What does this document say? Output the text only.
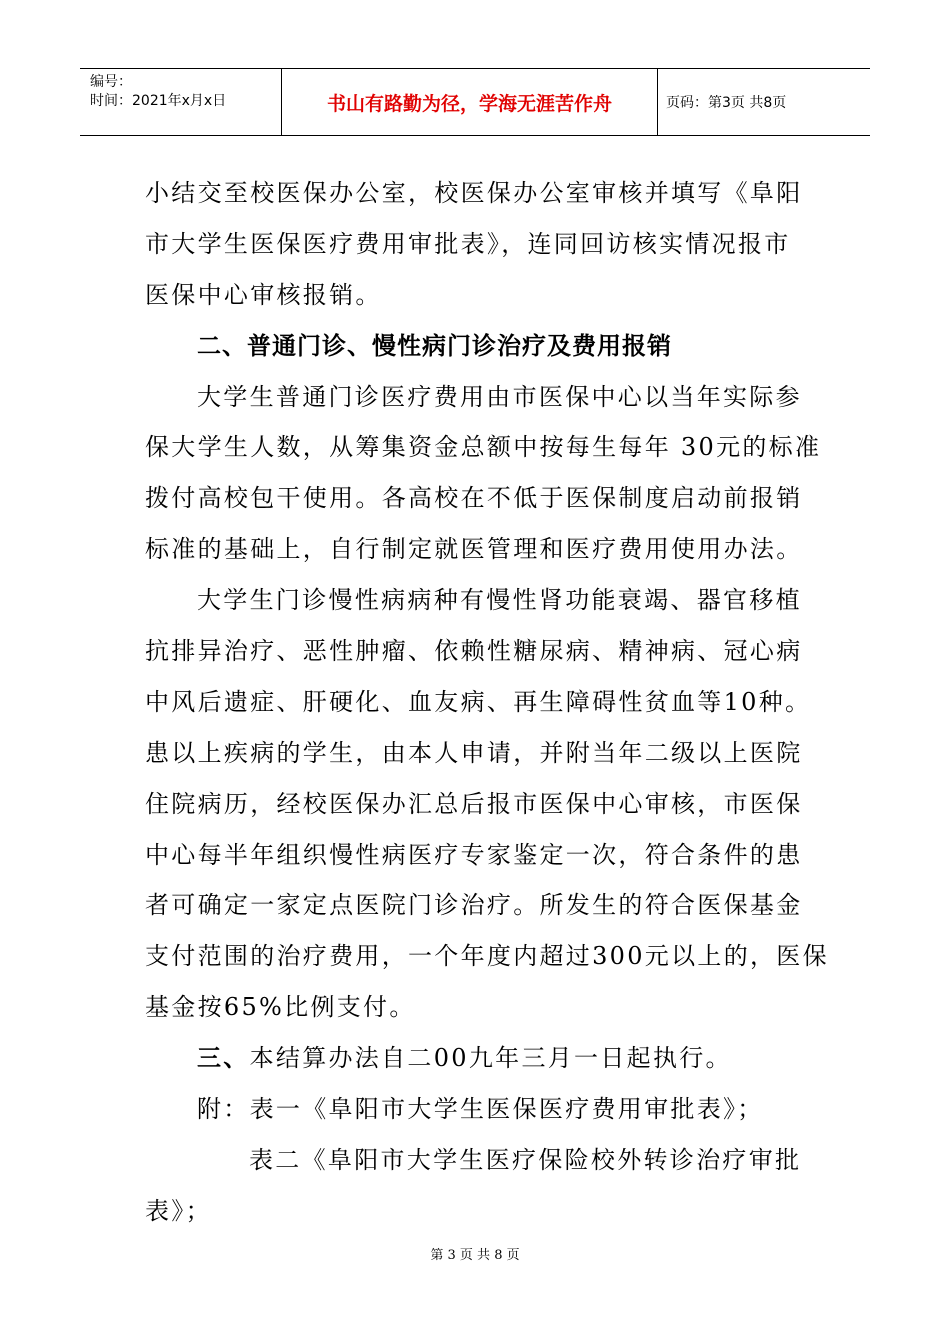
编号：
时间：2021年x月x日	书山有路勤为径，学海无涯苦作舟	页码：第3页 共8页
小结交至校医保办公室，校医保办公室审核并填写《阜阳
市大学生医保医疗费用审批表》，连同回访核实情况报市
医保中心审核报销。
二、普通门诊、慢性病门诊治疗及费用报销
大学生普通门诊医疗费用由市医保中心以当年实际参
保大学生人数，从筹集资金总额中按每生每年 30元的标准
拨付高校包干使用。各高校在不低于医保制度启动前报销
标准的基础上，自行制定就医管理和医疗费用使用办法。
大学生门诊慢性病病种有慢性肾功能衰竭、器官移植
抗排异治疗、恶性肿瘤、依赖性糖尿病、精神病、冠心病
中风后遗症、肝硬化、血友病、再生障碍性贫血等10种。
患以上疾病的学生，由本人申请，并附当年二级以上医院
住院病历，经校医保办汇总后报市医保中心审核，市医保
中心每半年组织慢性病医疗专家鉴定一次，符合条件的患
者可确定一家定点医院门诊治疗。所发生的符合医保基金
支付范围的治疗费用，一个年度内超过300元以上的，医保
基金按65%比例支付。
三、本结算办法自二00九年三月一日起执行。
附：表一《阜阳市大学生医保医疗费用审批表》；
表二《阜阳市大学生医疗保险校外转诊治疗审批
表》；
第 3 页 共 8 页
